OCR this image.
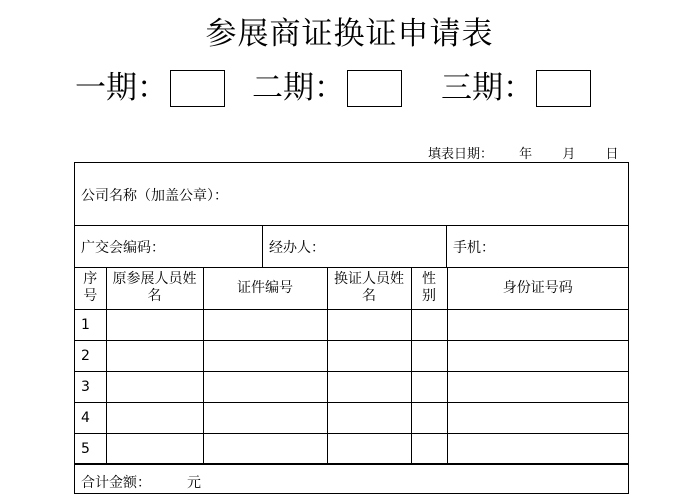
参展商证换证申请表
一期：	二期：	三期：
填表日期： 年 月 日
公司名称（加盖公章）：
广交会编码：	经办人：	手机：
序号	原参展人员姓名	证件编号	换证人员姓名	性别	身份证号码
1					
2					
3					
4					
5					
合计金额：	元
